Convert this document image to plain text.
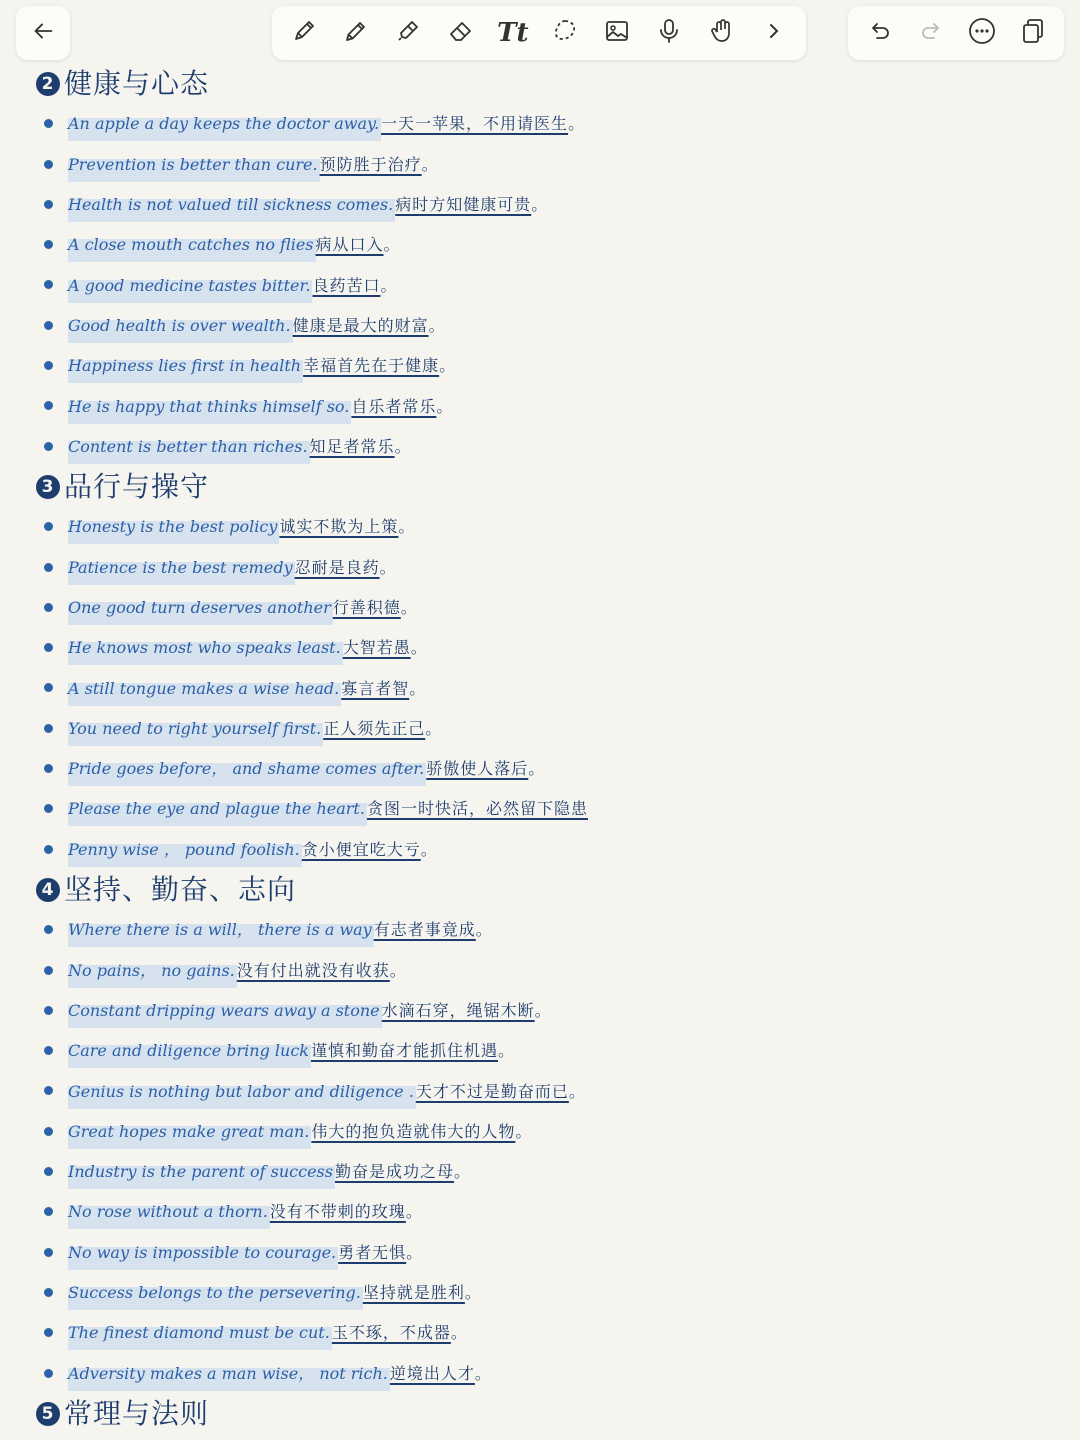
Tt
2 健康与心态
An apple a day keeps the doctor away. 一天一苹果，不用请医生 。
Prevention is better than cure. 预防胜于治疗 。
Health is not valued till sickness comes. 病时方知健康可贵 。
A close mouth catches no flies 病从口入 。
A good medicine tastes bitter. 良药苦口 。
Good health is over wealth. 健康是最大的财富 。
Happiness lies first in health 幸福首先在于健康 。
He is happy that thinks himself so. 自乐者常乐 。
Content is better than riches. 知足者常乐 。
3 品行与操守
Honesty is the best policy 诚实不欺为上策 。
Patience is the best remedy 忍耐是良药 。
One good turn deserves another 行善积德 。
He knows most who speaks least. 大智若愚 。
A still tongue makes a wise head. 寡言者智 。
You need to right yourself first. 正人须先正己 。
Pride goes before， and shame comes after. 骄傲使人落后 。
Please the eye and plague the heart. 贪图一时快活，必然留下隐患
Penny wise ， pound foolish. 贪小便宜吃大亏 。
4 坚持、勤奋、志向
Where there is a will， there is a way 有志者事竟成 。
No pains， no gains. 没有付出就没有收获 。
Constant dripping wears away a stone 水滴石穿，绳锯木断 。
Care and diligence bring luck 谨慎和勤奋才能抓住机遇 。
Genius is nothing but labor and diligence . 天才不过是勤奋而已 。
Great hopes make great man. 伟大的抱负造就伟大的人物 。
Industry is the parent of success 勤奋是成功之母 。
No rose without a thorn. 没有不带刺的玫瑰 。
No way is impossible to courage. 勇者无惧 。
Success belongs to the persevering. 坚持就是胜利 。
The finest diamond must be cut. 玉不琢，不成器 。
Adversity makes a man wise， not rich. 逆境出人才 。
5 常理与法则
